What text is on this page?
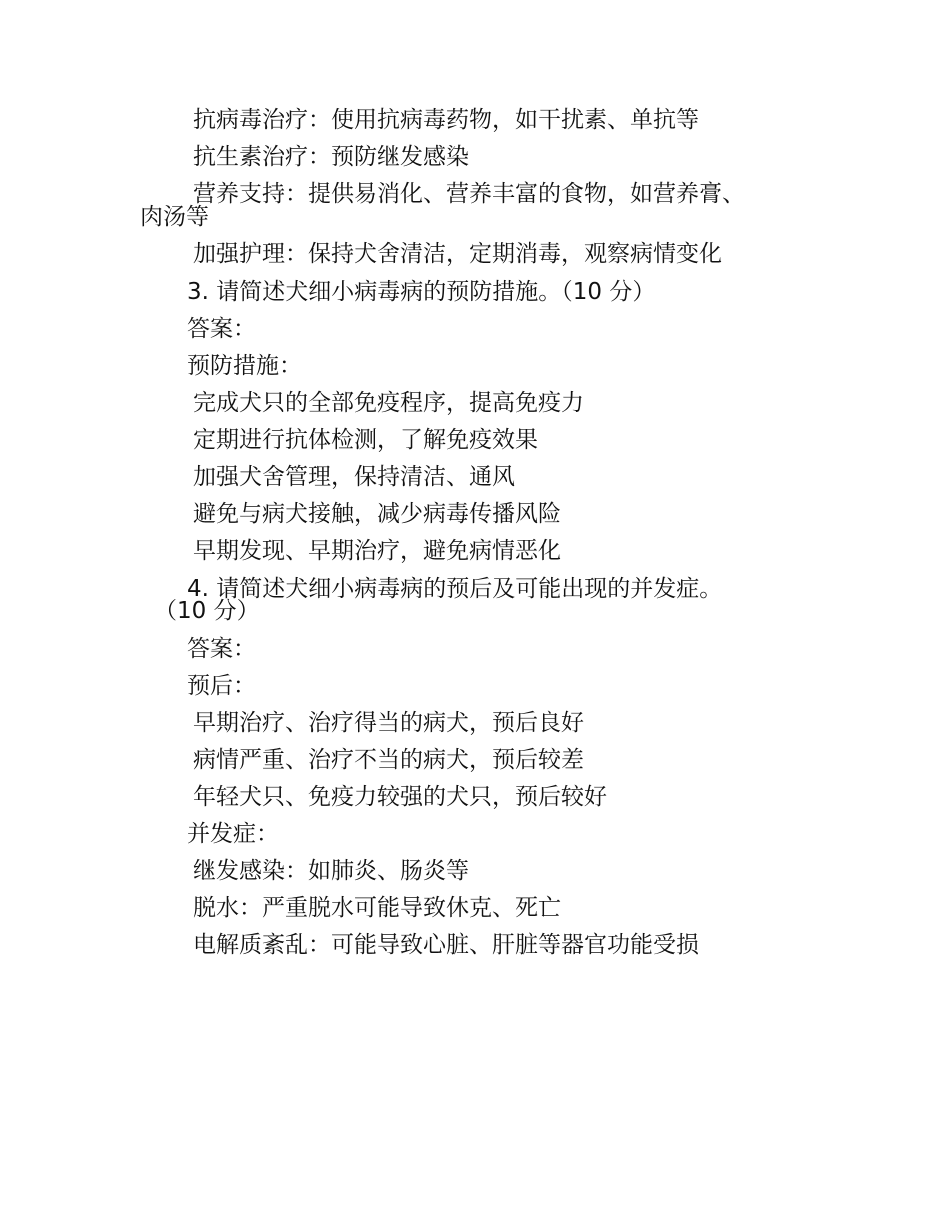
抗病毒治疗：使用抗病毒药物，如干扰素、单抗等
抗生素治疗：预防继发感染
营养支持：提供易消化、营养丰富的食物，如营养膏、
肉汤等
加强护理：保持犬舍清洁，定期消毒，观察病情变化
3. 请简述犬细小病毒病的预防措施。（10 分）
答案：
预防措施：
完成犬只的全部免疫程序，提高免疫力
定期进行抗体检测，了解免疫效果
加强犬舍管理，保持清洁、通风
避免与病犬接触，减少病毒传播风险
早期发现、早期治疗，避免病情恶化
4. 请简述犬细小病毒病的预后及可能出现的并发症。
（10 分）
答案：
预后：
早期治疗、治疗得当的病犬，预后良好
病情严重、治疗不当的病犬，预后较差
年轻犬只、免疫力较强的犬只，预后较好
并发症：
继发感染：如肺炎、肠炎等
脱水：严重脱水可能导致休克、死亡
电解质紊乱：可能导致心脏、肝脏等器官功能受损
